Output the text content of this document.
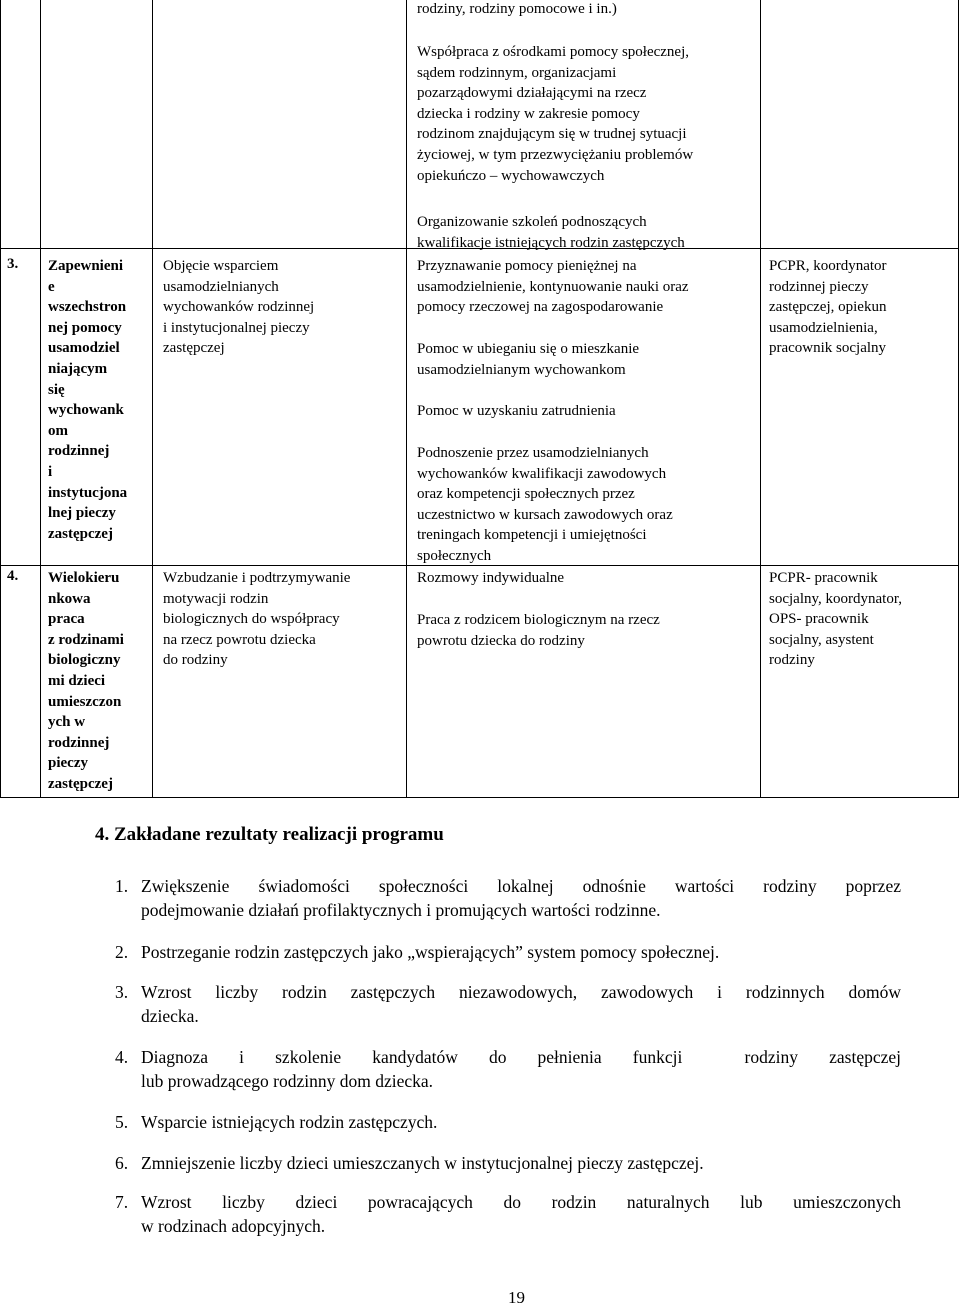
rodziny, rodziny pomocowe i in.)
Współpraca z ośrodkami pomocy społecznej,
sądem rodzinnym, organizacjami
pozarządowymi działającymi na rzecz
dziecka i rodziny w zakresie pomocy
rodzinom znajdującym się w trudnej sytuacji
życiowej, w tym przezwyciężaniu problemów
opiekuńczo – wychowawczych
Organizowanie szkoleń podnoszących
kwalifikacje istniejących rodzin zastępczych
3. Zapewnieni
e
wszechstron
nej pomocy
usamodziel
niającym
się
wychowank
om
rodzinnej
i
instytucjona
lnej pieczy
zastępczej
Objęcie wsparciem
usamodzielnianych
wychowanków rodzinnej
i instytucjonalnej pieczy
zastępczej
Przyznawanie pomocy pieniężnej na
usamodzielnienie, kontynuowanie nauki oraz
pomocy rzeczowej na zagospodarowanie
Pomoc w ubieganiu się o mieszkanie
usamodzielnianym wychowankom
Pomoc w uzyskaniu zatrudnienia
Podnoszenie przez usamodzielnianych
wychowanków kwalifikacji zawodowych
oraz kompetencji społecznych przez
uczestnictwo w kursach zawodowych oraz
treningach kompetencji i umiejętności
społecznych
PCPR, koordynator
rodzinnej pieczy
zastępczej, opiekun
usamodzielnienia,
pracownik socjalny
4. Wielokieru
nkowa
praca
z rodzinami
biologiczny
mi dzieci
umieszczon
ych w
rodzinnej
pieczy
zastępczej
Wzbudzanie i podtrzymywanie
motywacji rodzin
biologicznych do współpracy
na rzecz powrotu dziecka
do rodziny
Rozmowy indywidualne
Praca z rodzicem biologicznym na rzecz
powrotu dziecka do rodziny
PCPR- pracownik
socjalny, koordynator,
OPS- pracownik
socjalny, asystent
rodziny
4. Zakładane rezultaty realizacji programu
1. Zwiększenie świadomości społeczności lokalnej odnośnie wartości rodziny poprzez
podejmowanie działań profilaktycznych i promujących wartości rodzinne.
2. Postrzeganie rodzin zastępczych jako „wspierających” system pomocy społecznej.
3. Wzrost liczby rodzin zastępczych niezawodowych, zawodowych i rodzinnych domów
dziecka.
4. Diagnoza i szkolenie kandydatów do pełnienia funkcji  rodziny zastępczej
lub prowadzącego rodzinny dom dziecka.
5. Wsparcie istniejących rodzin zastępczych.
6. Zmniejszenie liczby dzieci umieszczanych w instytucjonalnej pieczy zastępczej.
7. Wzrost liczby dzieci powracających do rodzin naturalnych lub umieszczonych
w rodzinach adopcyjnych.
19
